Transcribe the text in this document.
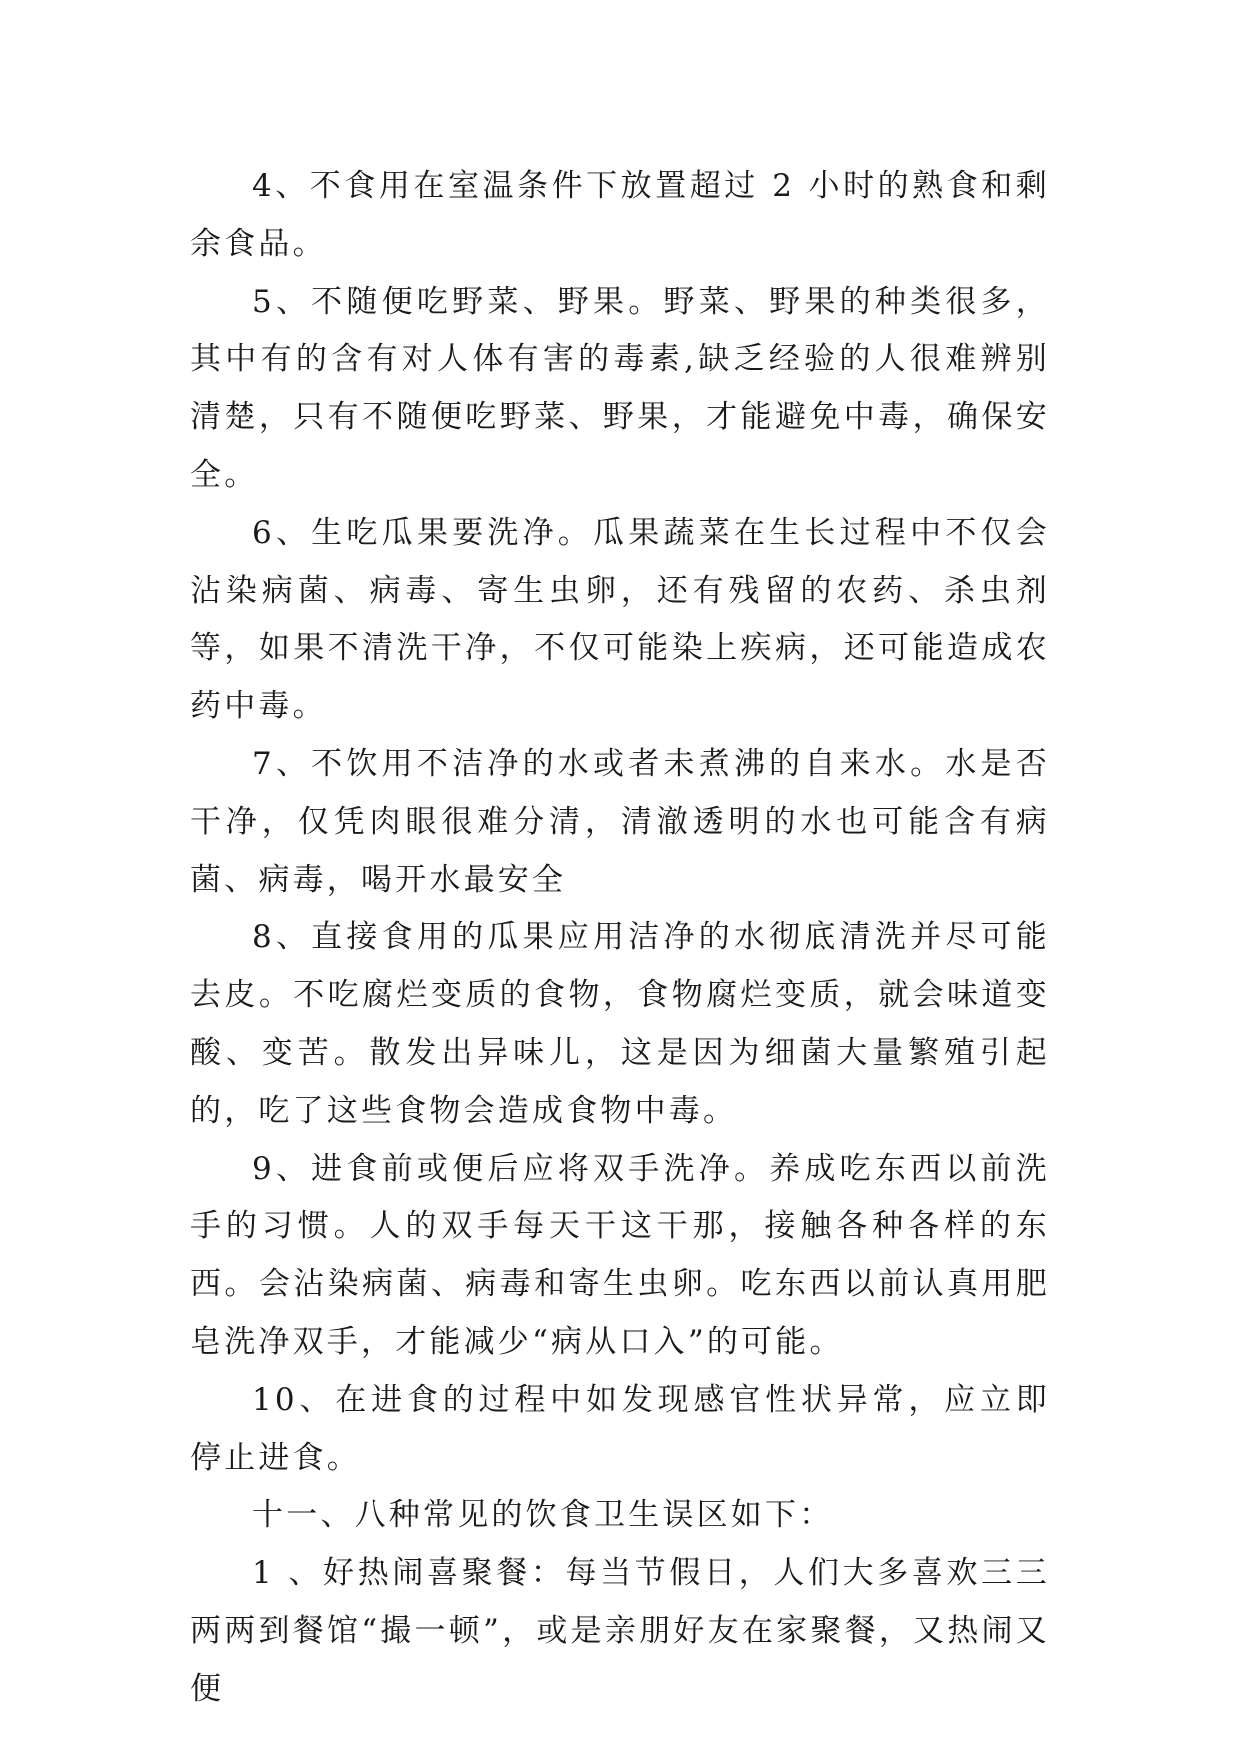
4、不食用在室温条件下放置超过 2 小时的熟食和剩余食品。

5、不随便吃野菜、野果。野菜、野果的种类很多，其中有的含有对人体有害的毒素,缺乏经验的人很难辨别清楚，只有不随便吃野菜、野果，才能避免中毒，确保安全。

6、生吃瓜果要洗净。瓜果蔬菜在生长过程中不仅会沾染病菌、病毒、寄生虫卵，还有残留的农药、杀虫剂等，如果不清洗干净，不仅可能染上疾病，还可能造成农药中毒。

7、不饮用不洁净的水或者未煮沸的自来水。水是否干净，仅凭肉眼很难分清，清澈透明的水也可能含有病菌、病毒，喝开水最安全

8、直接食用的瓜果应用洁净的水彻底清洗并尽可能去皮。不吃腐烂变质的食物，食物腐烂变质，就会味道变酸、变苦。散发出异味儿，这是因为细菌大量繁殖引起的，吃了这些食物会造成食物中毒。

9、进食前或便后应将双手洗净。养成吃东西以前洗手的习惯。人的双手每天干这干那，接触各种各样的东西。会沾染病菌、病毒和寄生虫卵。吃东西以前认真用肥皂洗净双手，才能减少“病从口入”的可能。

10、在进食的过程中如发现感官性状异常，应立即停止进食。

十一、八种常见的饮食卫生误区如下：

1 、好热闹喜聚餐：每当节假日，人们大多喜欢三三两两到餐馆“撮一顿”，或是亲朋好友在家聚餐，又热闹又便
